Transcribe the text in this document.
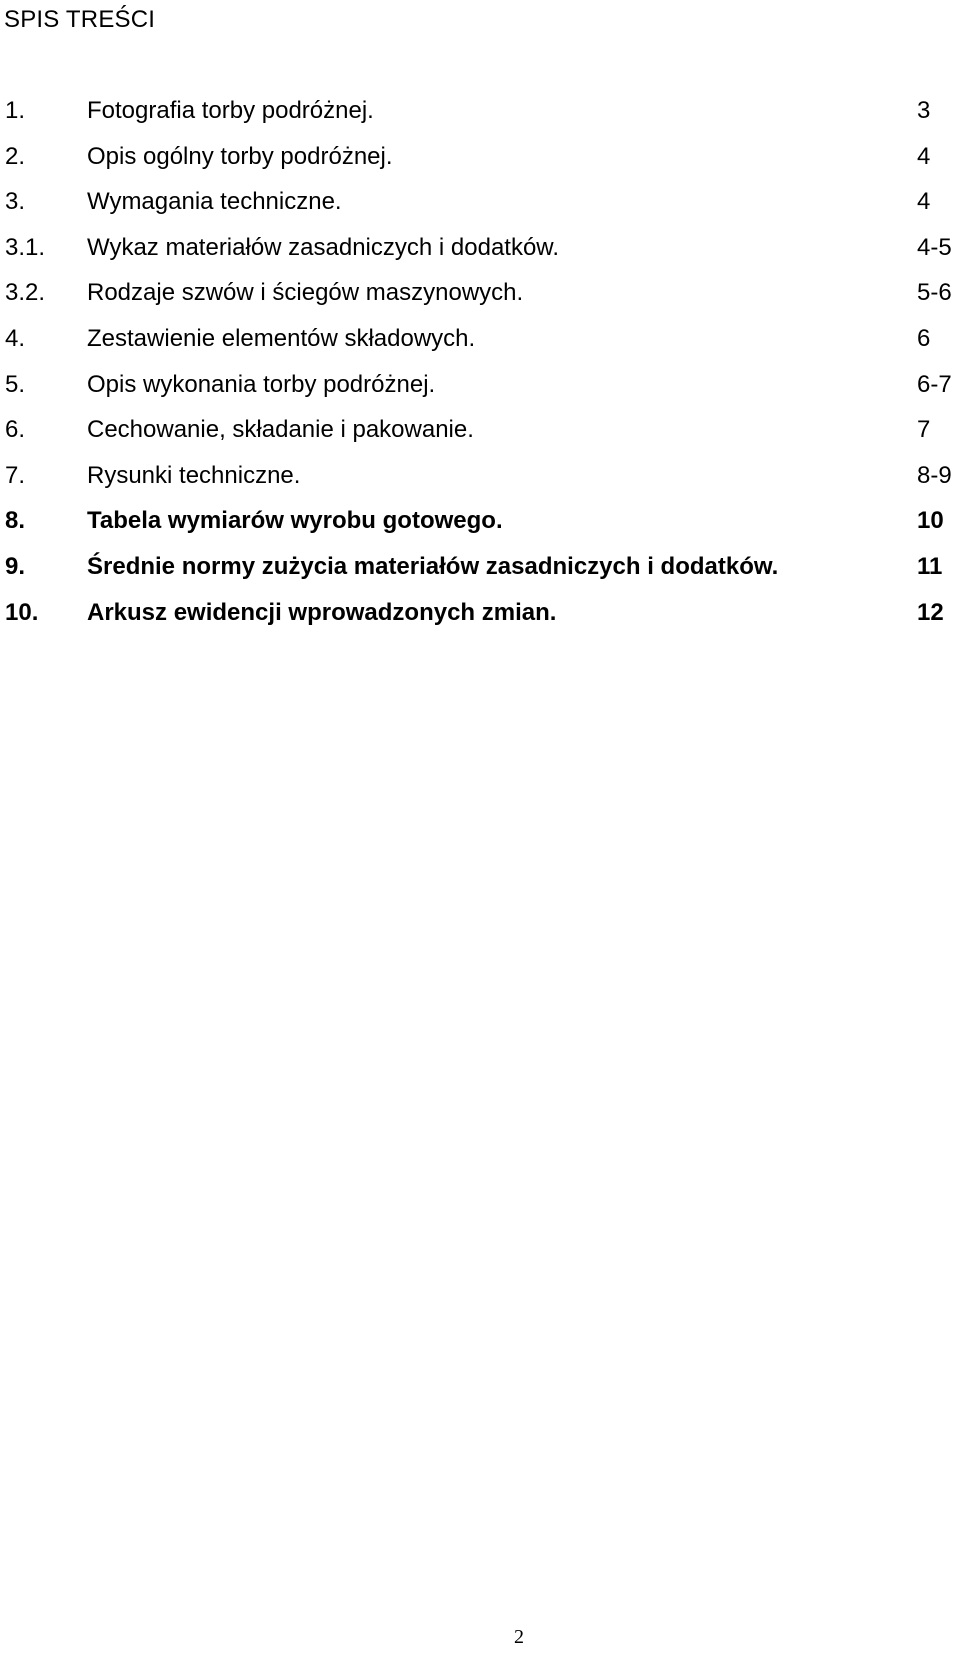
SPIS TREŚCI
1.	Fotografia torby podróżnej.	3
2.	Opis ogólny torby podróżnej.	4
3.	Wymagania techniczne.	4
3.1. Wykaz materiałów zasadniczych i dodatków.	4-5
3.2. Rodzaje szwów i ściegów maszynowych.	5-6
4.	Zestawienie elementów składowych.	6
5.	Opis wykonania torby podróżnej.	6-7
6.	Cechowanie, składanie i pakowanie.	7
7.	Rysunki techniczne.	8-9
8.	Tabela wymiarów wyrobu gotowego.	10
9.	Średnie normy zużycia materiałów zasadniczych i dodatków.	11
10. Arkusz ewidencji wprowadzonych zmian.	12
2
